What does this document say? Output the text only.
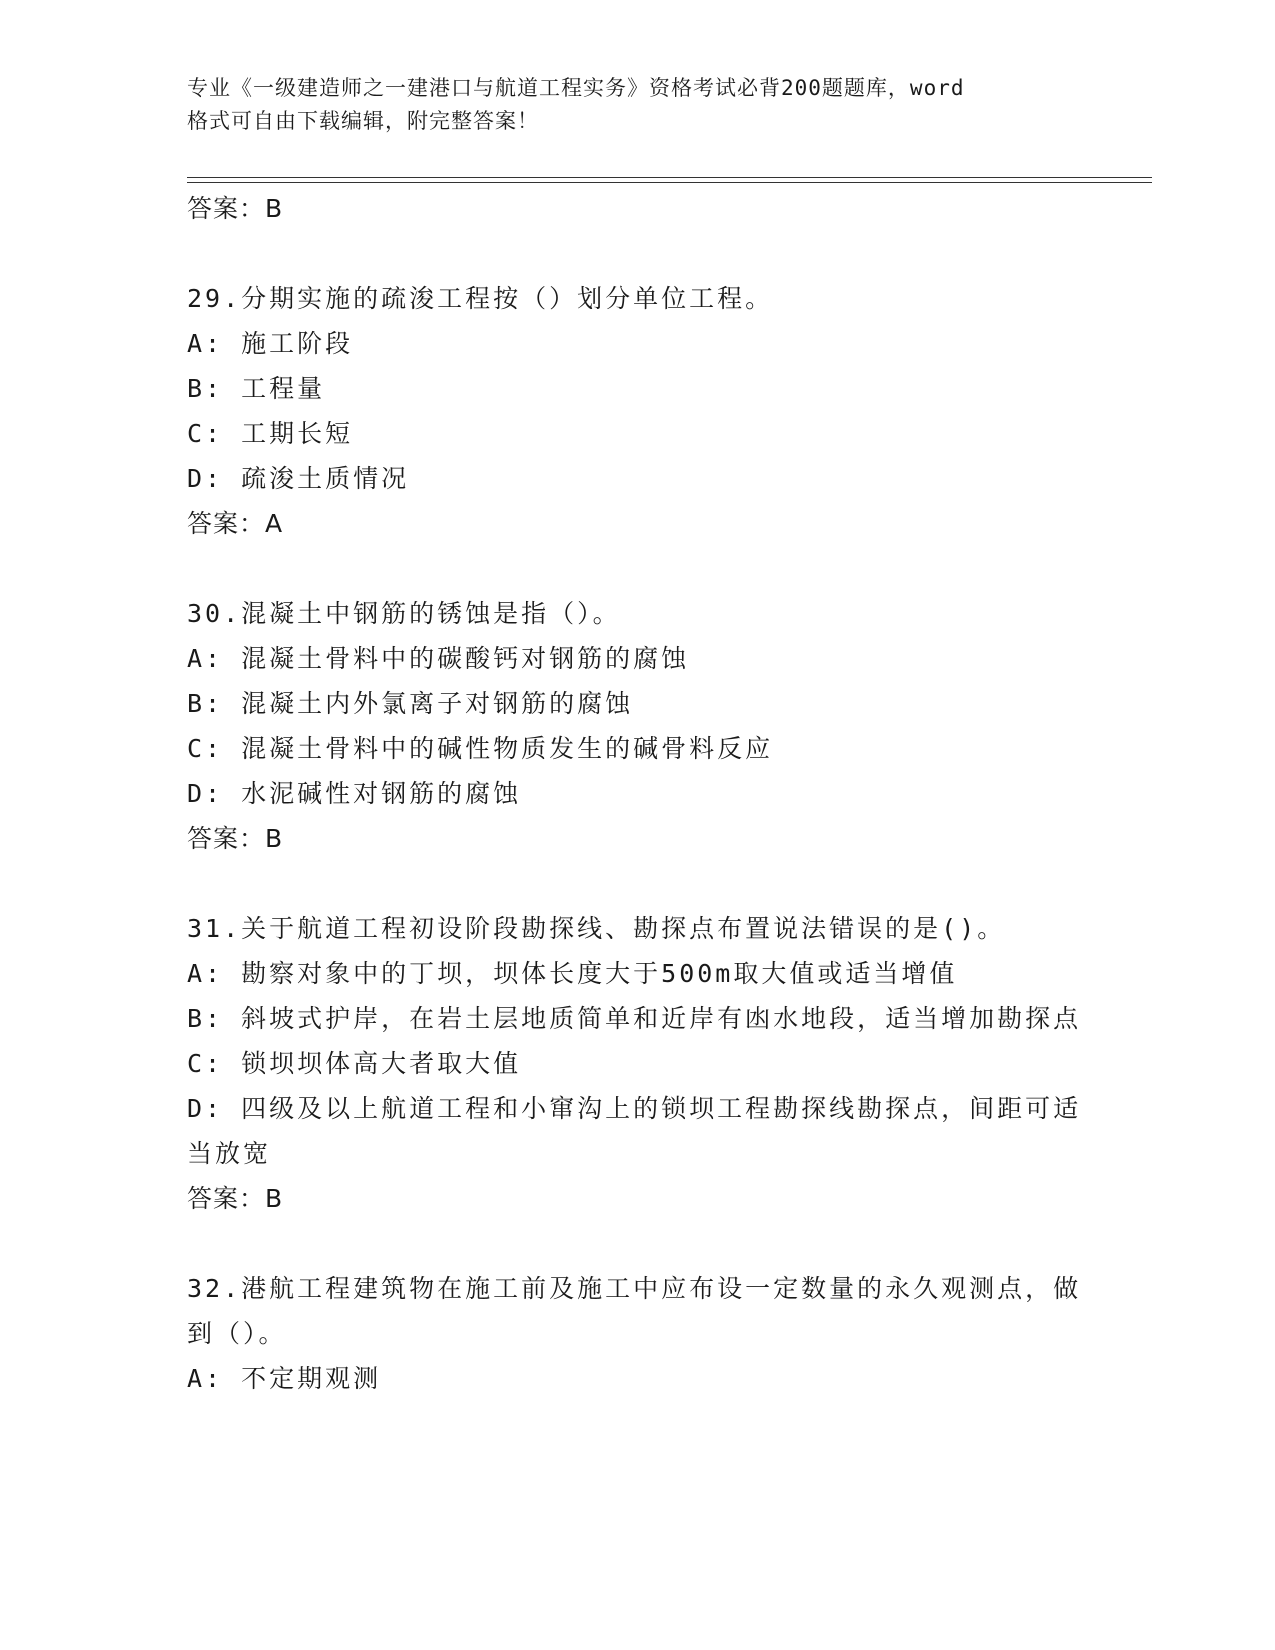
专业《一级建造师之一建港口与航道工程实务》资格考试必背200题题库，word
格式可自由下载编辑，附完整答案！
答案：B
29.分期实施的疏浚工程按（）划分单位工程。
A: 施工阶段
B: 工程量
C: 工期长短
D: 疏浚土质情况
答案：A
30.混凝土中钢筋的锈蚀是指（）。
A: 混凝土骨料中的碳酸钙对钢筋的腐蚀
B: 混凝土内外氯离子对钢筋的腐蚀
C: 混凝土骨料中的碱性物质发生的碱骨料反应
D: 水泥碱性对钢筋的腐蚀
答案：B
31.关于航道工程初设阶段勘探线、勘探点布置说法错误的是()。
A: 勘察对象中的丁坝，坝体长度大于500m取大值或适当增值
B: 斜坡式护岸，在岩土层地质简单和近岸有凼水地段，适当增加勘探点
C: 锁坝坝体高大者取大值
D: 四级及以上航道工程和小窜沟上的锁坝工程勘探线勘探点，间距可适当放宽
答案：B
32.港航工程建筑物在施工前及施工中应布设一定数量的永久观测点，做到（）。
A: 不定期观测
